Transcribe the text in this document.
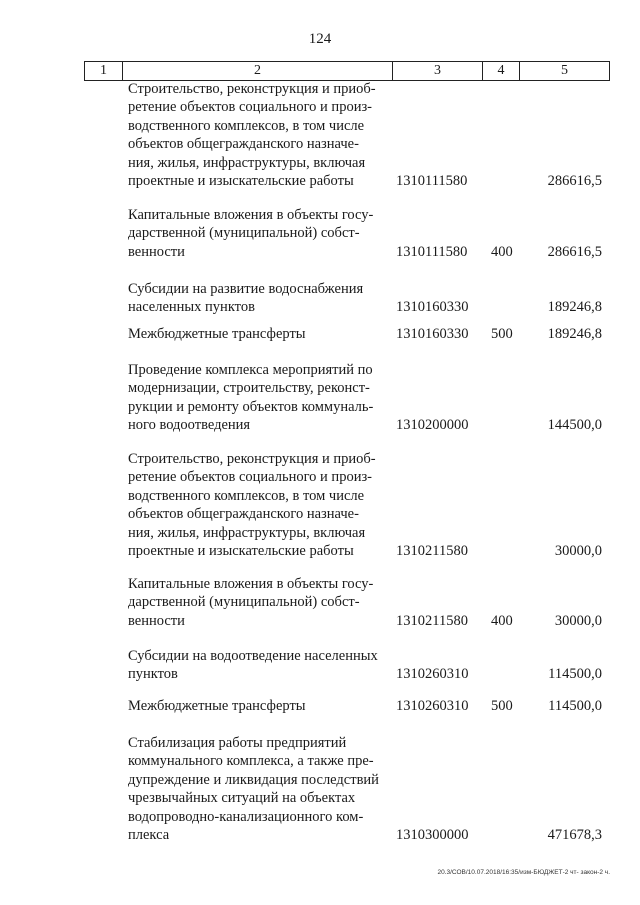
124
1	2	3	4	5
Строительство, реконструкция и приоб-
ретение объектов социального и произ-
водственного комплексов, в том числе
объектов общегражданского назначе-
ния, жилья, инфраструктуры, включая
проектные и изыскательские работы	1310111580	286616,5
Капитальные вложения в объекты госу-
дарственной (муниципальной) собст-
венности	1310111580 400 286616,5
Субсидии на развитие водоснабжения
населенных пунктов	1310160330	189246,8
Межбюджетные трансферты	1310160330 500 189246,8
Проведение комплекса мероприятий по
модернизации, строительству, реконст-
рукции и ремонту объектов коммуналь-
ного водоотведения	1310200000	144500,0
Строительство, реконструкция и приоб-
ретение объектов социального и произ-
водственного комплексов, в том числе
объектов общегражданского назначе-
ния, жилья, инфраструктуры, включая
проектные и изыскательские работы	1310211580	30000,0
Капитальные вложения в объекты госу-
дарственной (муниципальной) собст-
венности	1310211580 400	30000,0
Субсидии на водоотведение населенных
пунктов	1310260310	114500,0
Межбюджетные трансферты	1310260310 500 114500,0
Стабилизация работы предприятий
коммунального комплекса, а также пре-
дупреждение и ликвидация последствий
чрезвычайных ситуаций на объектах
водопроводно-канализационного ком-
плекса	1310300000	471678,3
20.3/СОВ/10.07.2018/16:35/изм-БЮДЖЕТ-2 чт- закон-2 ч.
